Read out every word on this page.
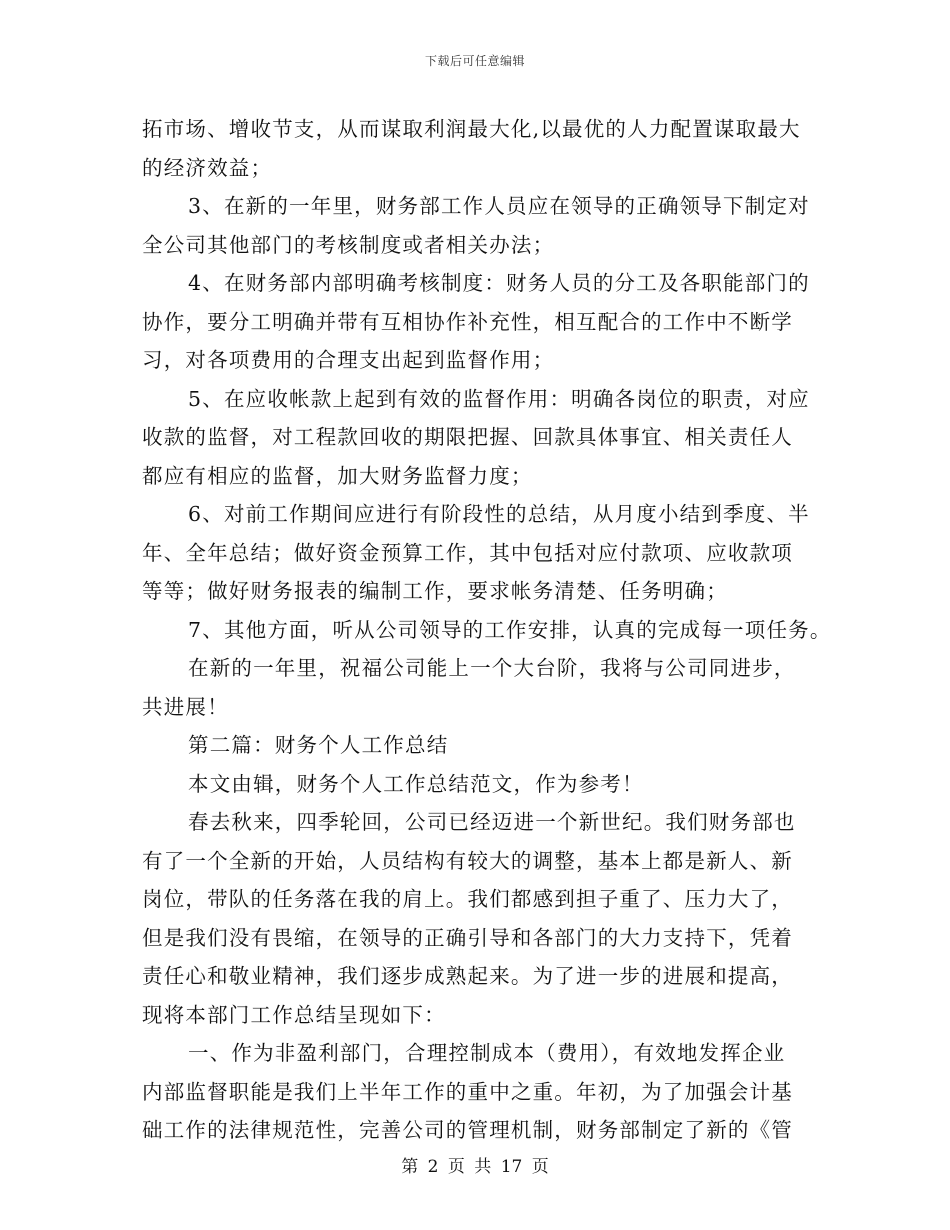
下载后可任意编辑
拓市场、增收节支，从而谋取利润最大化,以最优的人力配置谋取最大
的经济效益；
3、在新的一年里，财务部工作人员应在领导的正确领导下制定对
全公司其他部门的考核制度或者相关办法；
4、在财务部内部明确考核制度：财务人员的分工及各职能部门的
协作，要分工明确并带有互相协作补充性，相互配合的工作中不断学
习，对各项费用的合理支出起到监督作用；
5、在应收帐款上起到有效的监督作用：明确各岗位的职责，对应
收款的监督，对工程款回收的期限把握、回款具体事宜、相关责任人
都应有相应的监督，加大财务监督力度；
6、对前工作期间应进行有阶段性的总结，从月度小结到季度、半
年、全年总结；做好资金预算工作，其中包括对应付款项、应收款项
等等；做好财务报表的编制工作，要求帐务清楚、任务明确；
7、其他方面，听从公司领导的工作安排，认真的完成每一项任务。
在新的一年里，祝福公司能上一个大台阶，我将与公司同进步，
共进展！
第二篇：财务个人工作总结
本文由辑，财务个人工作总结范文，作为参考！
春去秋来，四季轮回，公司已经迈进一个新世纪。我们财务部也
有了一个全新的开始，人员结构有较大的调整，基本上都是新人、新
岗位，带队的任务落在我的肩上。我们都感到担子重了、压力大了，
但是我们没有畏缩，在领导的正确引导和各部门的大力支持下，凭着
责任心和敬业精神，我们逐步成熟起来。为了进一步的进展和提高，
现将本部门工作总结呈现如下：
一、作为非盈利部门，合理控制成本（费用），有效地发挥企业
内部监督职能是我们上半年工作的重中之重。年初，为了加强会计基
础工作的法律规范性，完善公司的管理机制，财务部制定了新的《管
第 2 页 共 17 页
